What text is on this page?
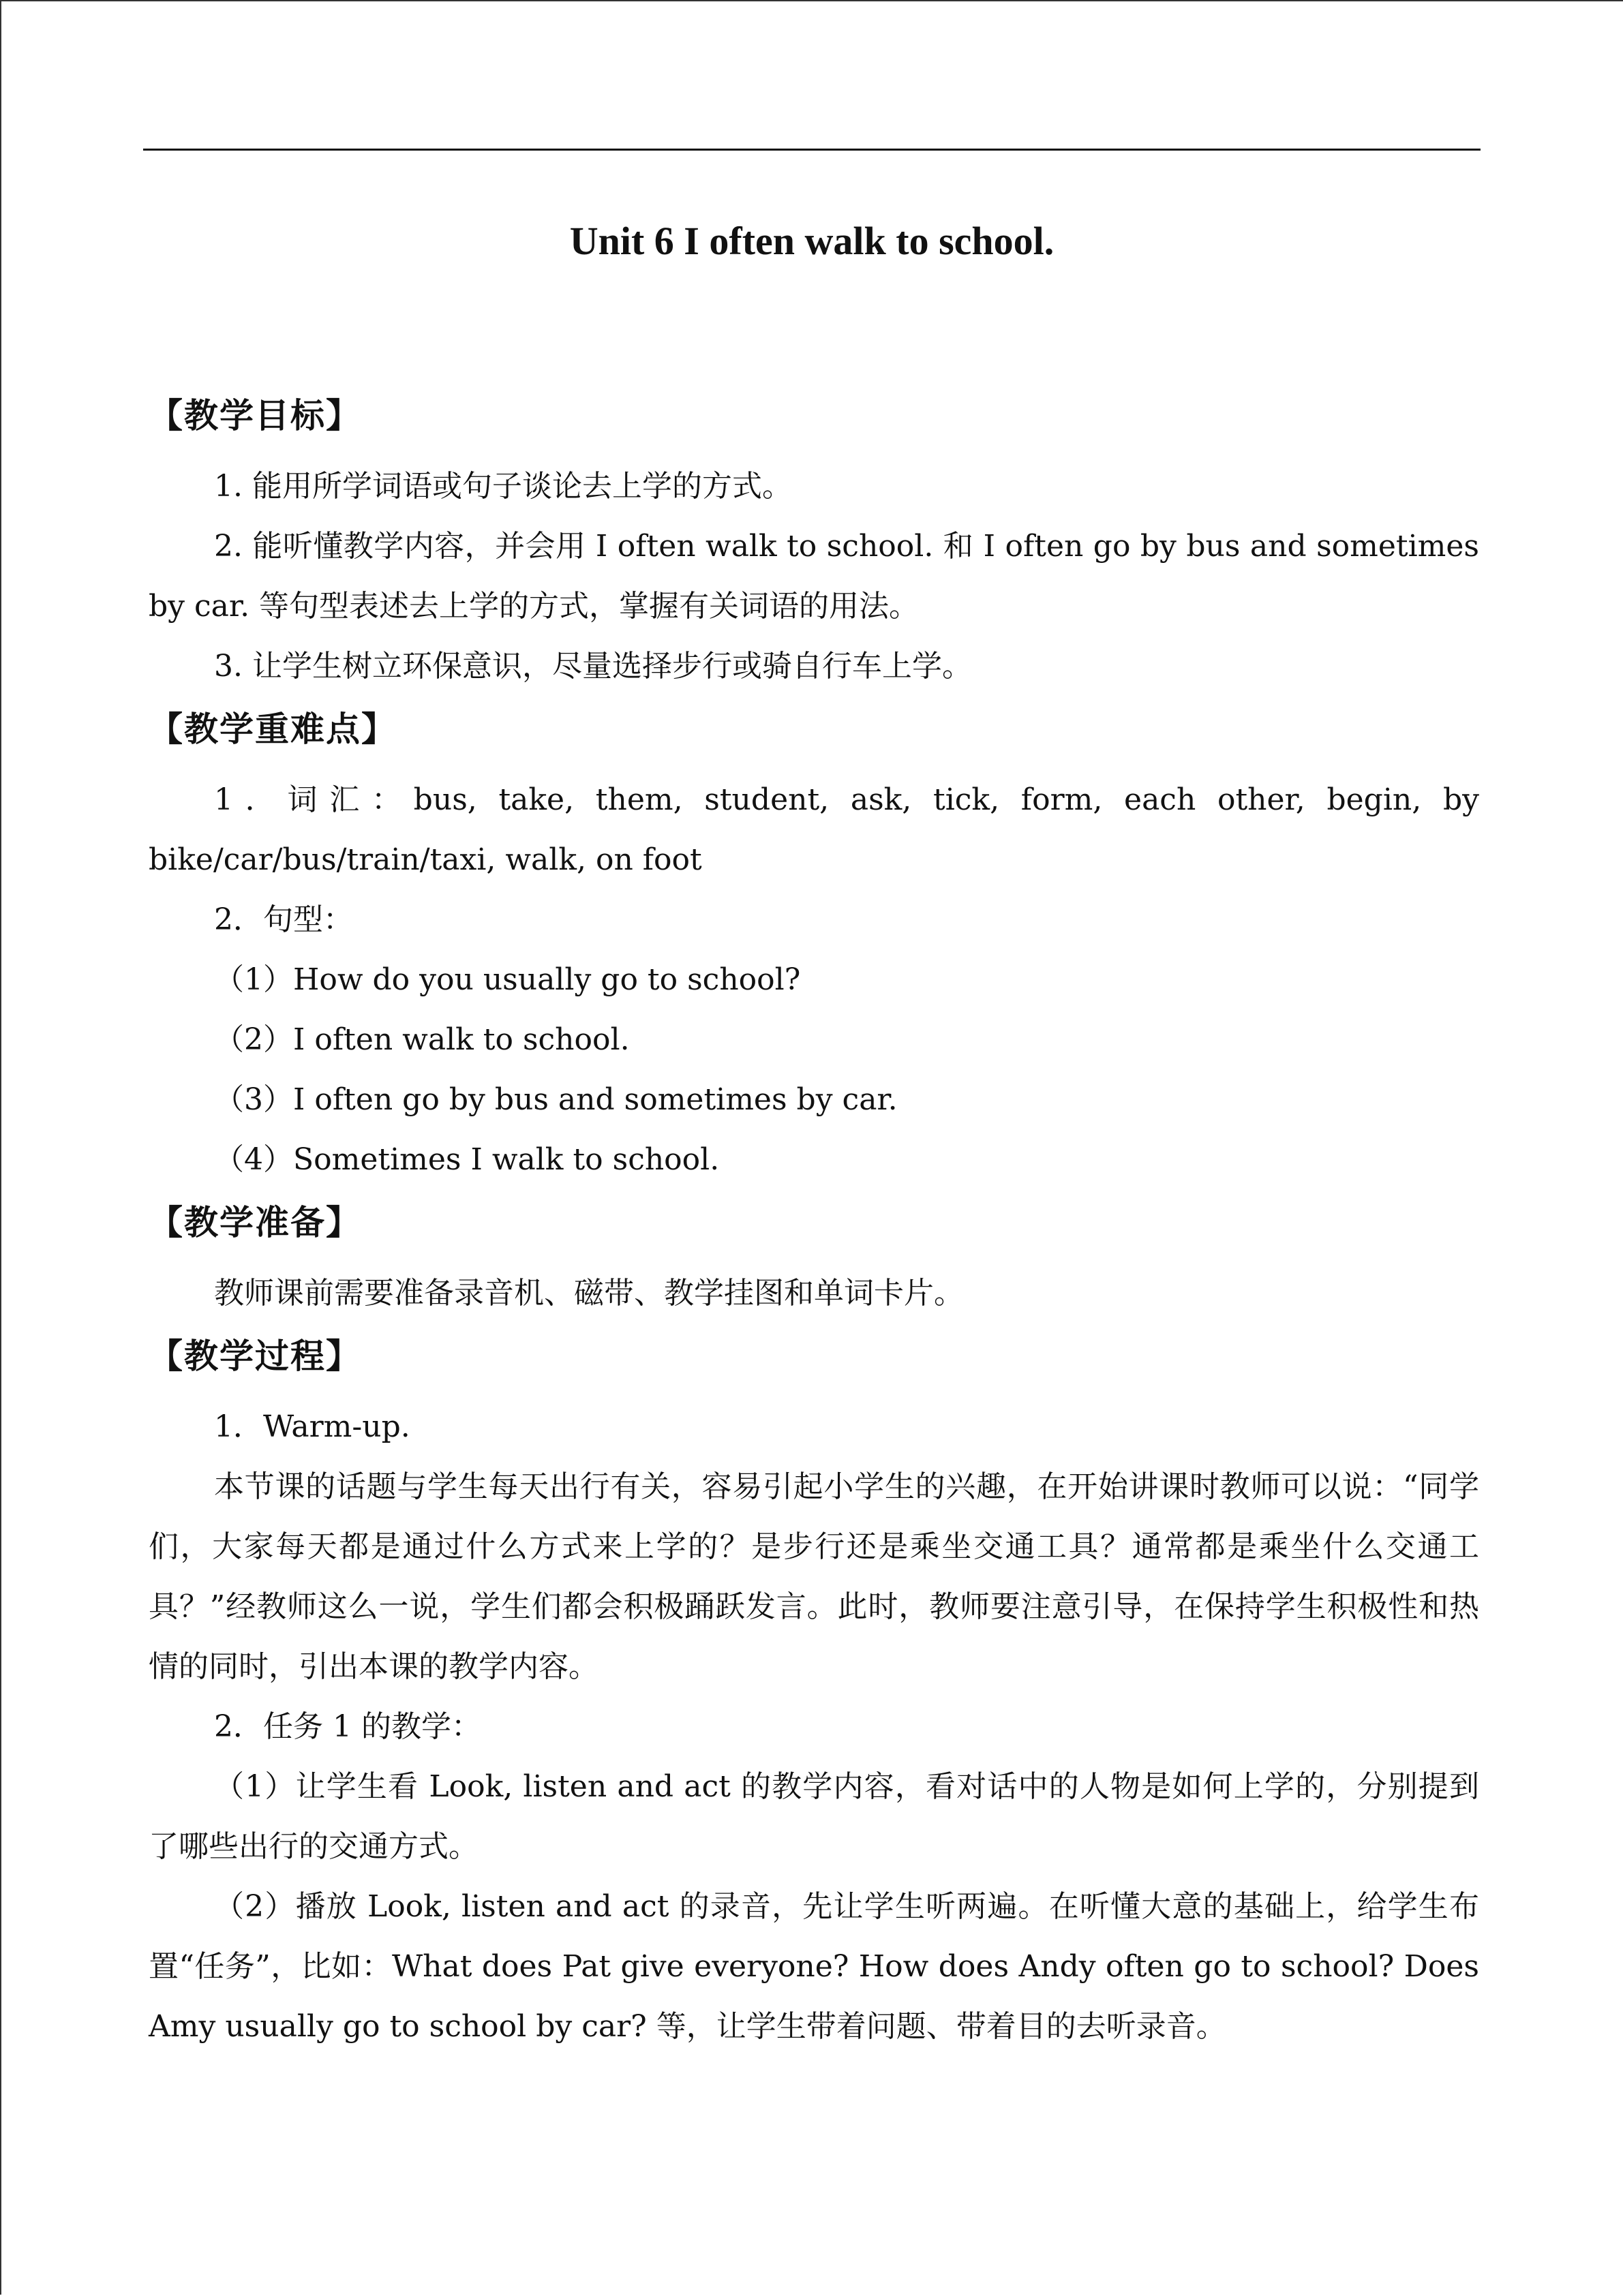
Unit 6 I often walk to school.

【教学目标】

1. 能用所学词语或句子谈论去上学的方式。

2. 能听懂教学内容，并会用 I often walk to school. 和 I often go by bus and sometimes by car. 等句型表述去上学的方式，掌握有关词语的用法。

3. 让学生树立环保意识，尽量选择步行或骑自行车上学。

【教学重难点】

1．词汇：bus, take, them, student, ask, tick, form, each other, begin, by bike/car/bus/train/taxi, walk, on foot

2．句型：

（1）How do you usually go to school?

（2）I often walk to school.

（3）I often go by bus and sometimes by car.

（4）Sometimes I walk to school.

【教学准备】

教师课前需要准备录音机、磁带、教学挂图和单词卡片。

【教学过程】

1．Warm-up.

本节课的话题与学生每天出行有关，容易引起小学生的兴趣，在开始讲课时教师可以说：“同学们，大家每天都是通过什么方式来上学的？是步行还是乘坐交通工具？通常都是乘坐什么交通工具？”经教师这么一说，学生们都会积极踊跃发言。此时，教师要注意引导，在保持学生积极性和热情的同时，引出本课的教学内容。

2．任务 1 的教学：

（1）让学生看 Look, listen and act 的教学内容，看对话中的人物是如何上学的，分别提到了哪些出行的交通方式。

（2）播放 Look, listen and act 的录音，先让学生听两遍。在听懂大意的基础上，给学生布置“任务”，比如：What does Pat give everyone? How does Andy often go to school? Does Amy usually go to school by car? 等，让学生带着问题、带着目的去听录音。
